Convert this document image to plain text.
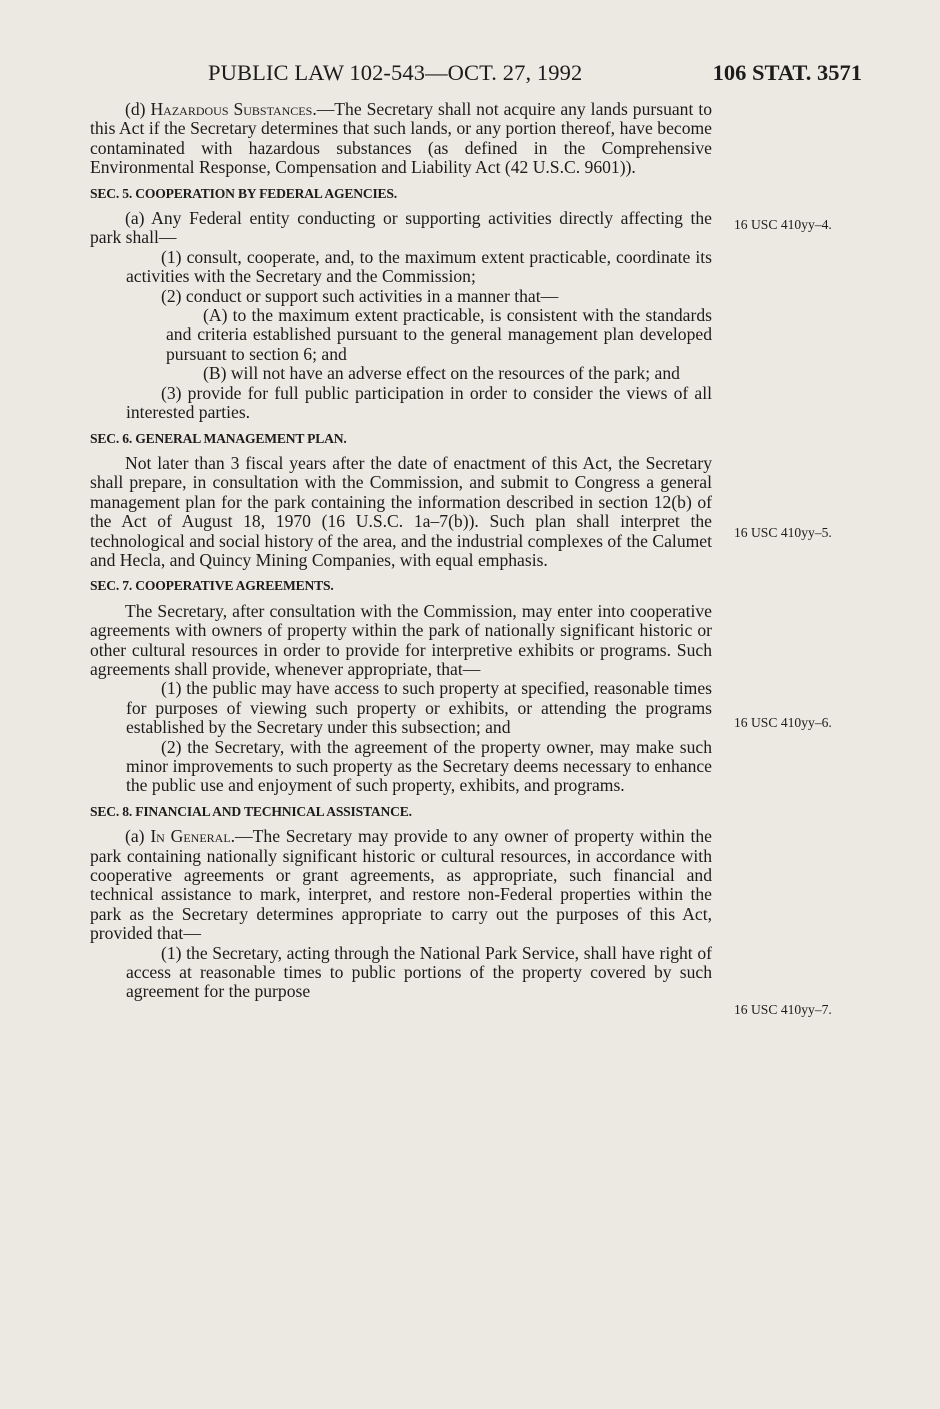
PUBLIC LAW 102-543—OCT. 27, 1992	106 STAT. 3571

(d) Hazardous Substances.—The Secretary shall not acquire any lands pursuant to this Act if the Secretary determines that such lands, or any portion thereof, have become contaminated with hazardous substances (as defined in the Comprehensive Environmental Response, Compensation and Liability Act (42 U.S.C. 9601)).

SEC. 5. COOPERATION BY FEDERAL AGENCIES.

(a) Any Federal entity conducting or supporting activities directly affecting the park shall—

(1) consult, cooperate, and, to the maximum extent practicable, coordinate its activities with the Secretary and the Commission;
(2) conduct or support such activities in a manner that—
(A) to the maximum extent practicable, is consistent with the standards and criteria established pursuant to the general management plan developed pursuant to section 6; and
(B) will not have an adverse effect on the resources of the park; and
(3) provide for full public participation in order to consider the views of all interested parties.

SEC. 6. GENERAL MANAGEMENT PLAN.

Not later than 3 fiscal years after the date of enactment of this Act, the Secretary shall prepare, in consultation with the Commission, and submit to Congress a general management plan for the park containing the information described in section 12(b) of the Act of August 18, 1970 (16 U.S.C. 1a–7(b)). Such plan shall interpret the technological and social history of the area, and the industrial complexes of the Calumet and Hecla, and Quincy Mining Companies, with equal emphasis.

SEC. 7. COOPERATIVE AGREEMENTS.

The Secretary, after consultation with the Commission, may enter into cooperative agreements with owners of property within the park of nationally significant historic or other cultural resources in order to provide for interpretive exhibits or programs. Such agreements shall provide, whenever appropriate, that—

(1) the public may have access to such property at specified, reasonable times for purposes of viewing such property or exhibits, or attending the programs established by the Secretary under this subsection; and
(2) the Secretary, with the agreement of the property owner, may make such minor improvements to such property as the Secretary deems necessary to enhance the public use and enjoyment of such property, exhibits, and programs.

SEC. 8. FINANCIAL AND TECHNICAL ASSISTANCE.

(a) In General.—The Secretary may provide to any owner of property within the park containing nationally significant historic or cultural resources, in accordance with cooperative agreements or grant agreements, as appropriate, such financial and technical assistance to mark, interpret, and restore non-Federal properties within the park as the Secretary determines appropriate to carry out the purposes of this Act, provided that—

(1) the Secretary, acting through the National Park Service, shall have right of access at reasonable times to public portions of the property covered by such agreement for the purpose
16 USC 410yy–4.
16 USC 410yy–5.
16 USC 410yy–6.
16 USC 410yy–7.
